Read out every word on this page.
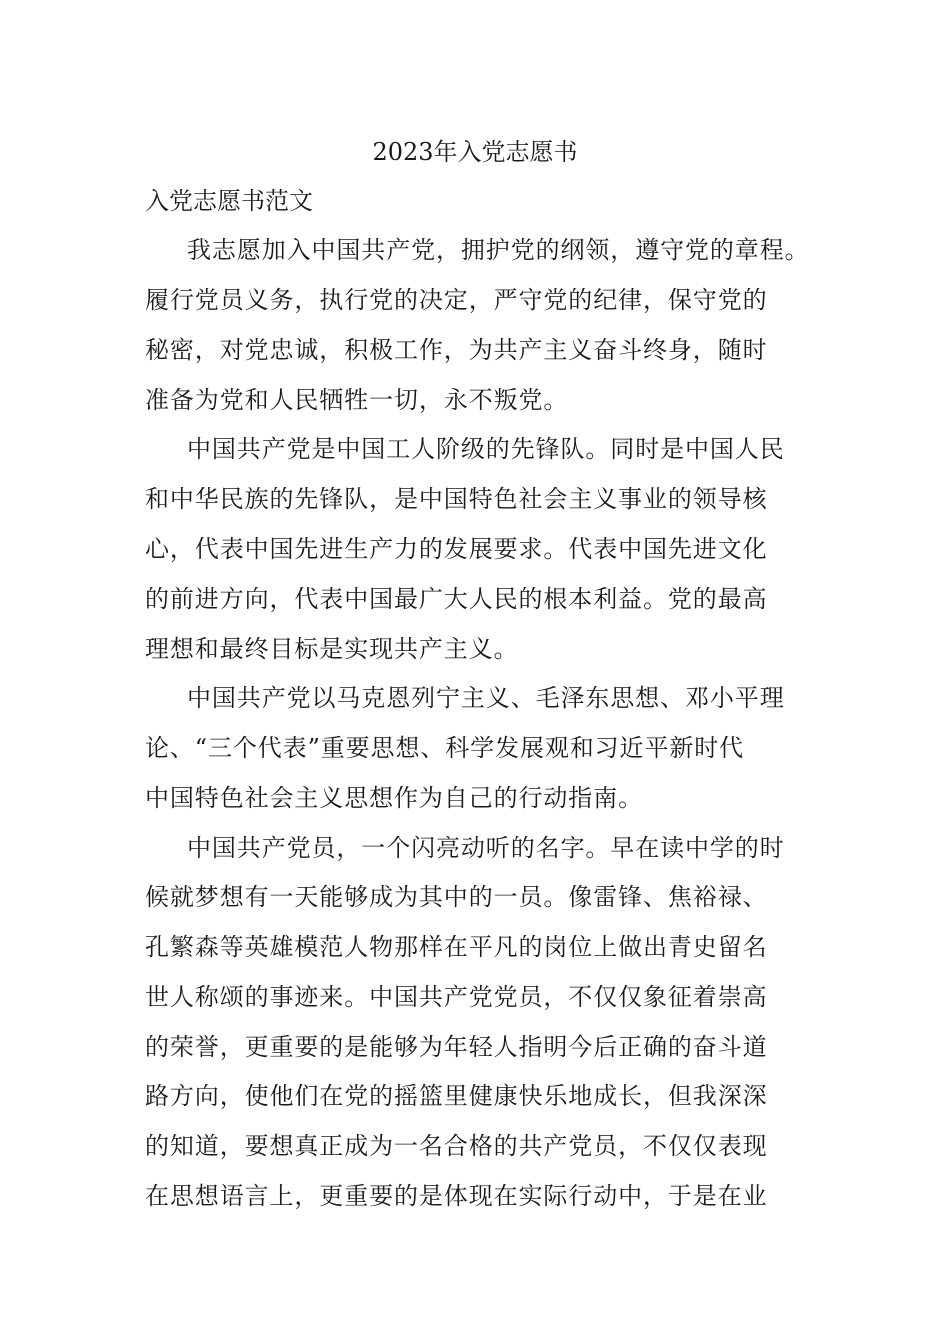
2023年入党志愿书
入党志愿书范文
我志愿加入中国共产党，拥护党的纲领，遵守党的章程。
履行党员义务，执行党的决定，严守党的纪律，保守党的
秘密，对党忠诚，积极工作，为共产主义奋斗终身，随时
准备为党和人民牺牲一切，永不叛党。
中国共产党是中国工人阶级的先锋队。同时是中国人民
和中华民族的先锋队，是中国特色社会主义事业的领导核
心，代表中国先进生产力的发展要求。代表中国先进文化
的前进方向，代表中国最广大人民的根本利益。党的最高
理想和最终目标是实现共产主义。
中国共产党以马克恩列宁主义、毛泽东思想、邓小平理
论、“三个代表”重要思想、科学发展观和习近平新时代
中国特色社会主义思想作为自己的行动指南。
中国共产党员，一个闪亮动听的名字。早在读中学的时
候就梦想有一天能够成为其中的一员。像雷锋、焦裕禄、
孔繁森等英雄模范人物那样在平凡的岗位上做出青史留名
世人称颂的事迹来。中国共产党党员，不仅仅象征着崇高
的荣誉，更重要的是能够为年轻人指明今后正确的奋斗道
路方向，使他们在党的摇篮里健康快乐地成长，但我深深
的知道，要想真正成为一名合格的共产党员，不仅仅表现
在思想语言上，更重要的是体现在实际行动中，于是在业
